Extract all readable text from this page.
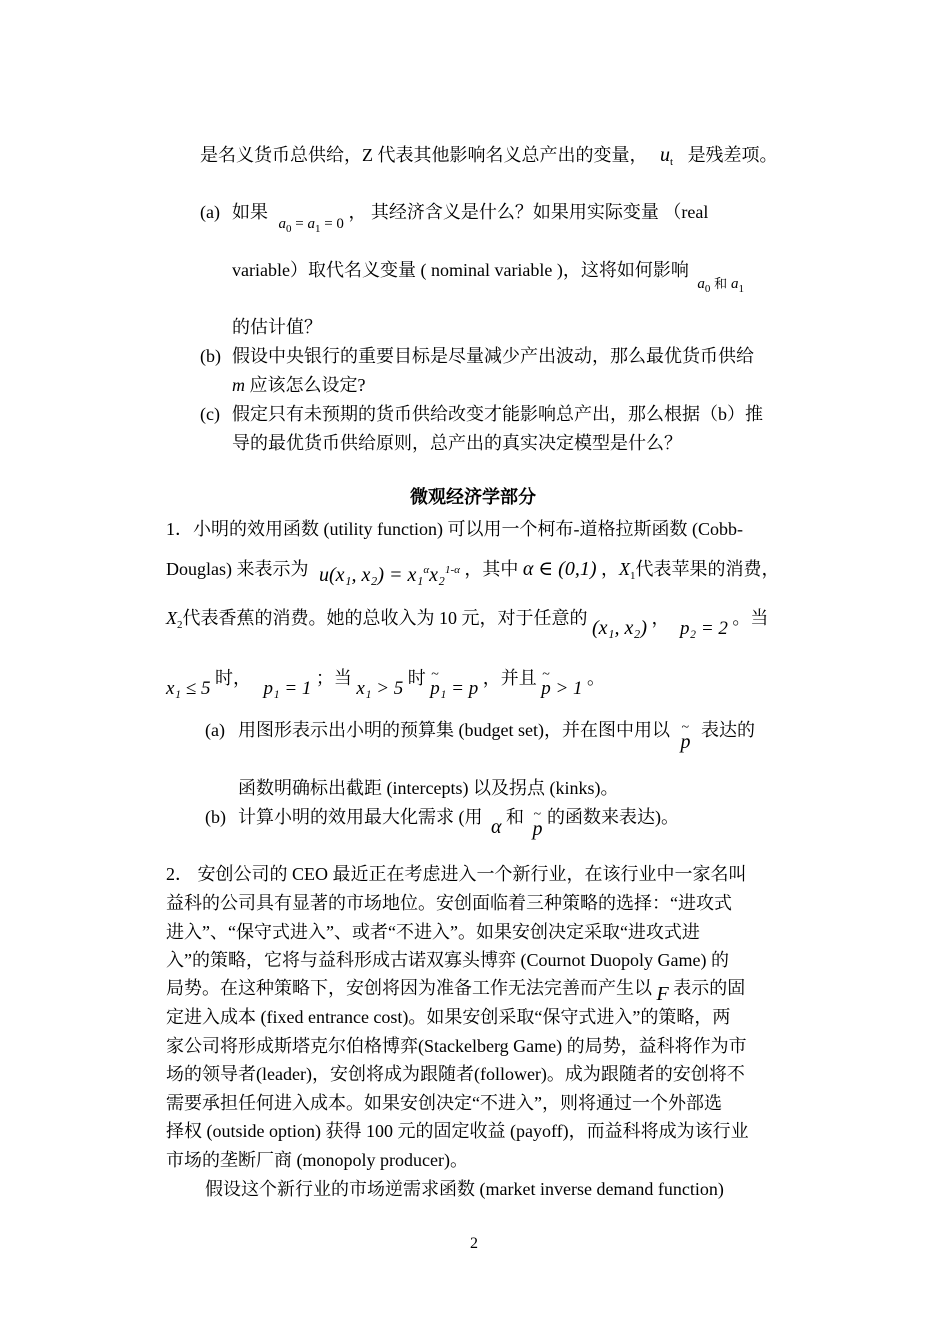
是名义货币总供给，Z 代表其他影响名义总产出的变量， $u_t$ 是残差项。
(a) 如果 $_{a_0 = a_1 = 0}$ ， 其经济含义是什么？如果用实际变量 （real
variable）取代名义变量 ( nominal variable )，这将如何影响 $_{a_0 和 a_1}$
的估计值？
(b) 假设中央银行的重要目标是尽量减少产出波动，那么最优货币供给
m 应该怎么设定?
(c) 假定只有未预期的货币供给改变才能影响总产出，那么根据（b）推
导的最优货币供给原则，总产出的真实决定模型是什么？
微观经济学部分
1．小明的效用函数 (utility function) 可以用一个柯布-道格拉斯函数 (Cobb-
Douglas) 来表示为 u(x₁, x₂) = x₁$^\alpha$x₂$^{1-\alpha}$ ，其中 α ∈ (0,1) ，$X_1$代表苹果的消费，
$X_2$代表香蕉的消费。她的总收入为 10 元，对于任意的 (x₁, x₂) ， p₂ = 2 。当
x₁ ≤ 5 时， p₁ = 1 ；当 x₁ > 5 时 ~ p₁ = p ，并且 ~ p > 1 。
(a) 用图形表示出小明的预算集 (budget set)，并在图中用以 ~ p 表达的
函数明确标出截距 (intercepts) 以及拐点 (kinks)。
(b) 计算小明的效用最大化需求 (用 α 和 ~ p 的函数来表达)。
2． 安创公司的 CEO 最近正在考虑进入一个新行业，在该行业中一家名叫
益科的公司具有显著的市场地位。安创面临着三种策略的选择：“进攻式
进入”、“保守式进入”、或者“不进入”。如果安创决定采取“进攻式进
入”的策略，它将与益科形成古诺双寡头博弈 (Cournot Duopoly Game) 的
局势。在这种策略下，安创将因为准备工作无法完善而产生以 F 表示的固
定进入成本 (fixed entrance cost)。如果安创采取“保守式进入”的策略，两
家公司将形成斯塔克尔伯格博弈(Stackelberg Game) 的局势，益科将作为市
场的领导者(leader)，安创将成为跟随者(follower)。成为跟随者的安创将不
需要承担任何进入成本。如果安创决定“不进入”，则将通过一个外部选
择权 (outside option) 获得 100 元的固定收益 (payoff)，而益科将成为该行业
市场的垄断厂商 (monopoly producer)。
假设这个新行业的市场逆需求函数 (market inverse demand function)
2
